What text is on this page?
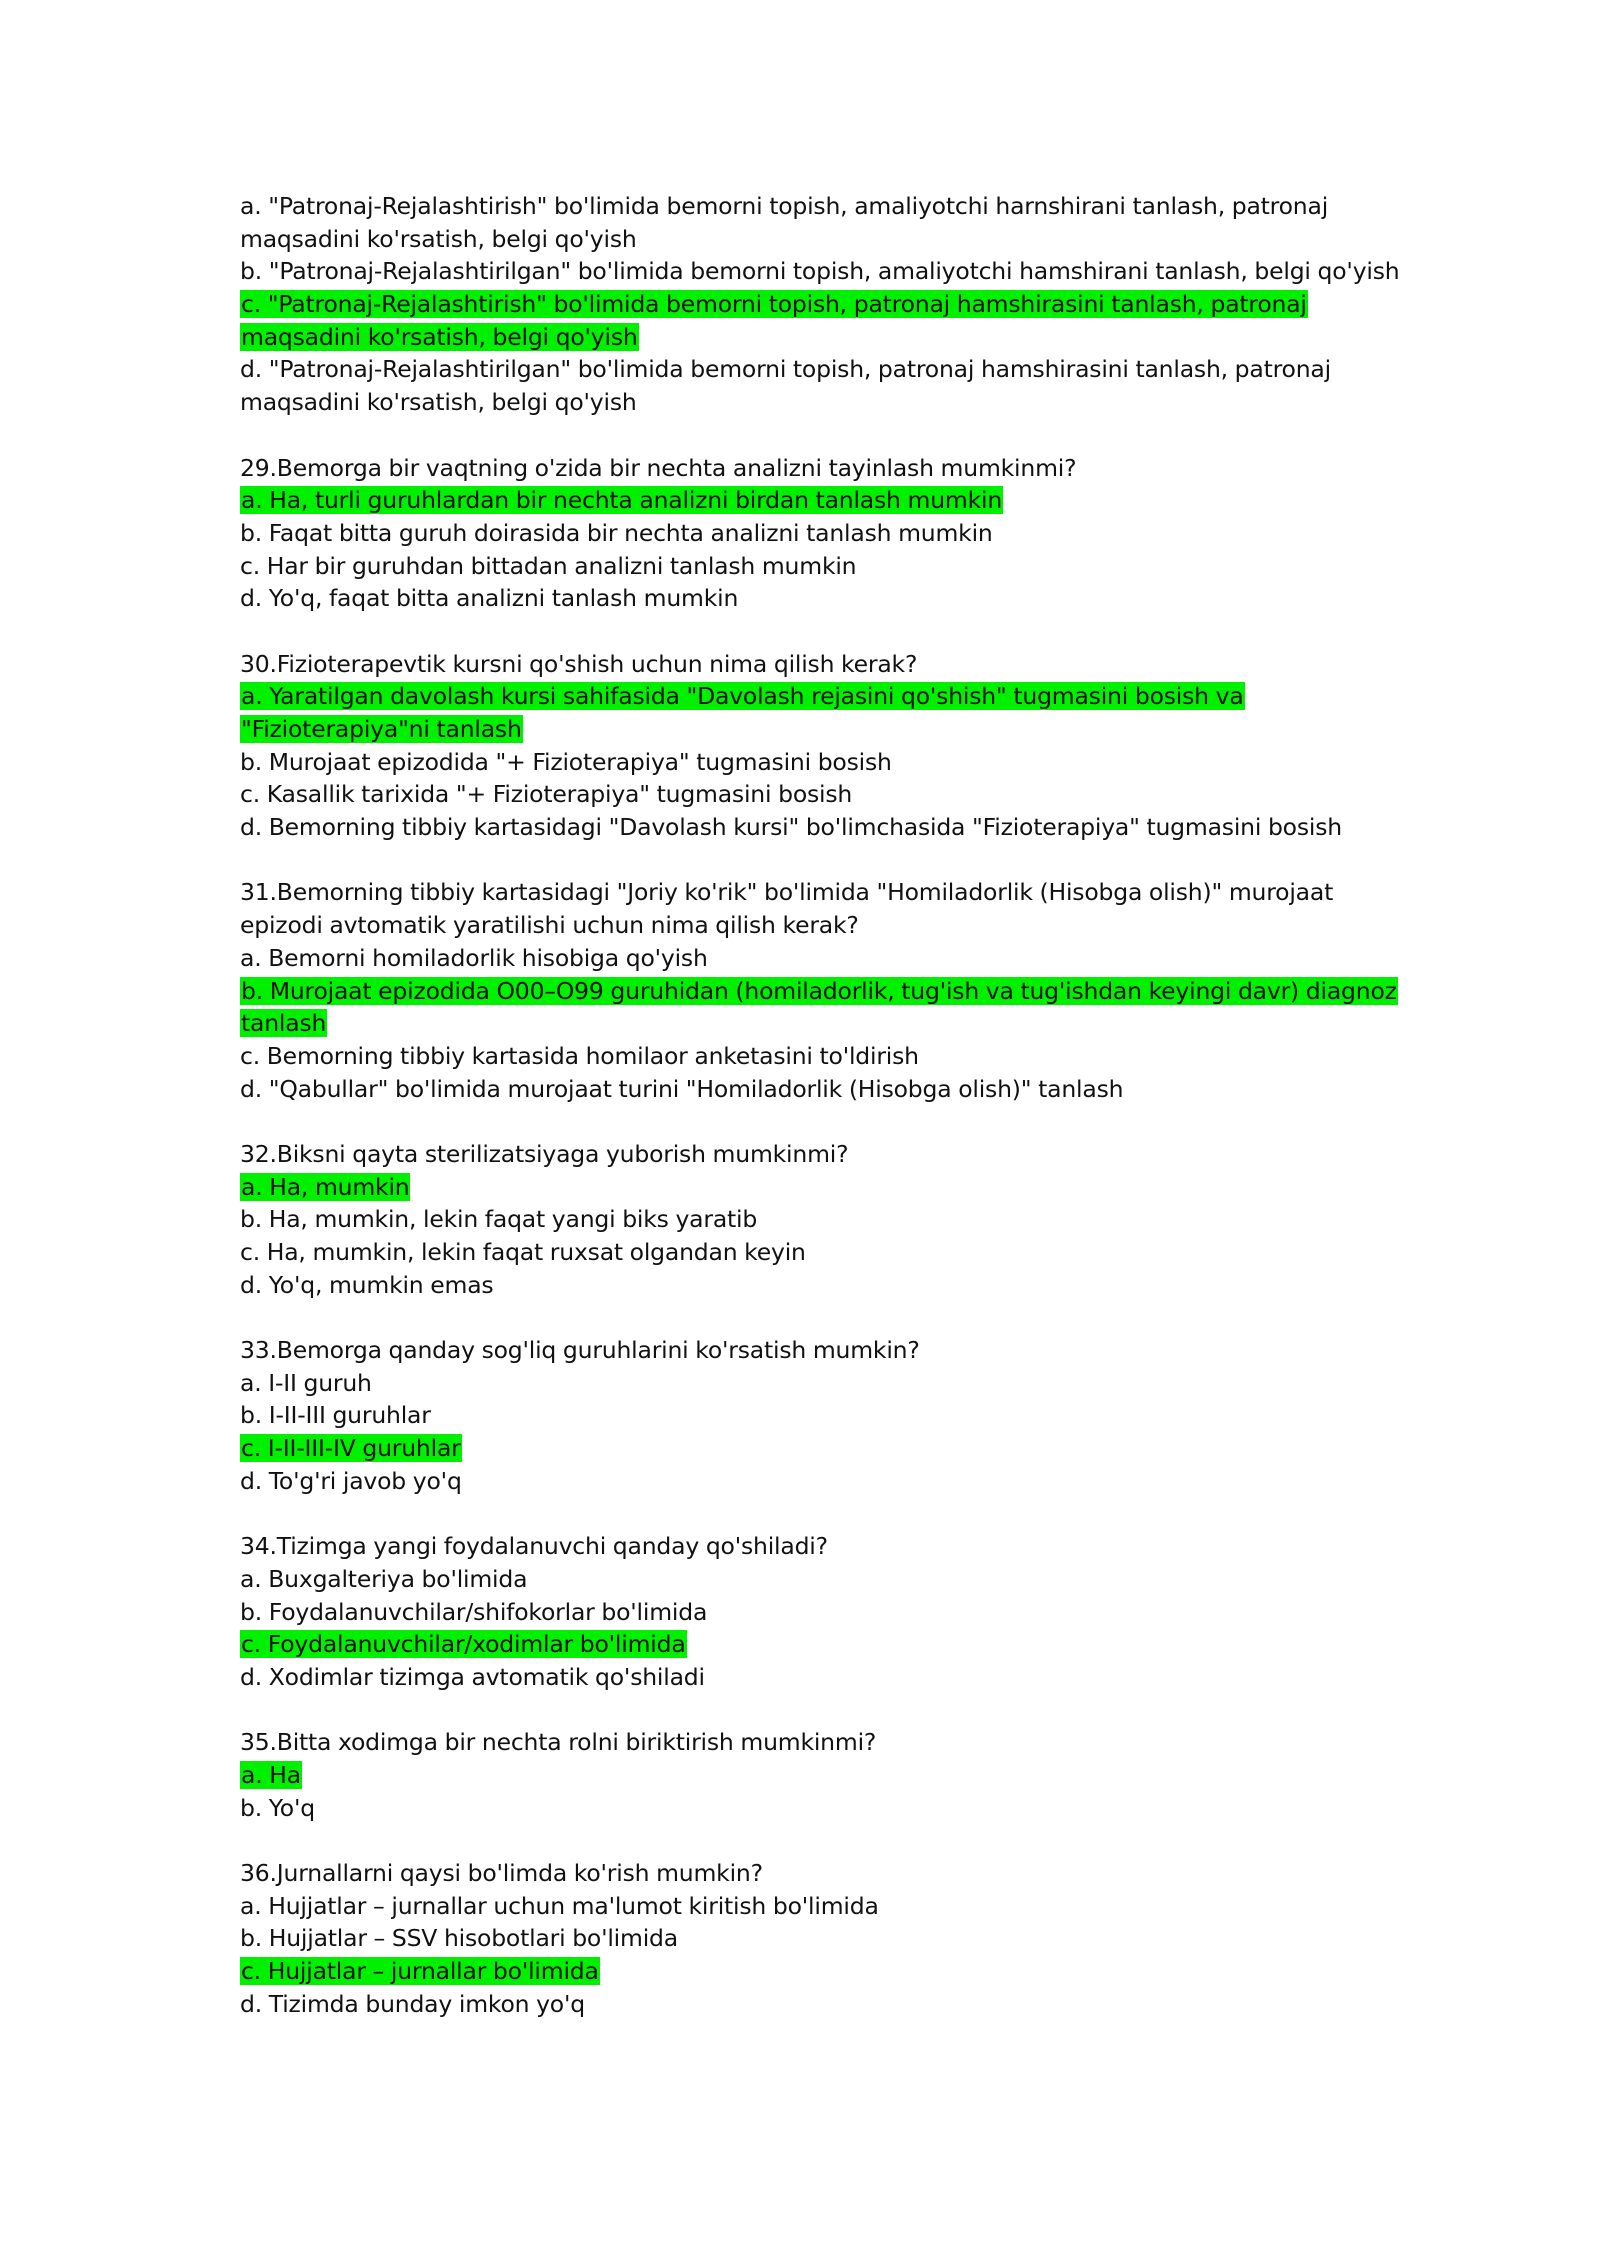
a. "Patronaj-Rejalashtirish" bo'limida bemorni topish, amaliyotchi harnshirani tanlash, patronaj
maqsadini ko'rsatish, belgi qo'yish
b. "Patronaj-Rejalashtirilgan" bo'limida bemorni topish, amaliyotchi hamshirani tanlash, belgi qo'yish
c. "Patronaj-Rejalashtirish" bo'limida bemorni topish, patronaj hamshirasini tanlash, patronaj
maqsadini ko'rsatish, belgi qo'yish
d. "Patronaj-Rejalashtirilgan" bo'limida bemorni topish, patronaj hamshirasini tanlash, patronaj
maqsadini ko'rsatish, belgi qo'yish
29.Bemorga bir vaqtning o'zida bir nechta analizni tayinlash mumkinmi?
a. Ha, turli guruhlardan bir nechta analizni birdan tanlash mumkin
b. Faqat bitta guruh doirasida bir nechta analizni tanlash mumkin
c. Har bir guruhdan bittadan analizni tanlash mumkin
d. Yo'q, faqat bitta analizni tanlash mumkin
30.Fizioterapevtik kursni qo'shish uchun nima qilish kerak?
a. Yaratilgan davolash kursi sahifasida "Davolash rejasini qo'shish" tugmasini bosish va
"Fizioterapiya"ni tanlash
b. Murojaat epizodida "+ Fizioterapiya" tugmasini bosish
c. Kasallik tarixida "+ Fizioterapiya" tugmasini bosish
d. Bemorning tibbiy kartasidagi "Davolash kursi" bo'limchasida "Fizioterapiya" tugmasini bosish
31.Bemorning tibbiy kartasidagi "Joriy ko'rik" bo'limida "Homiladorlik (Hisobga olish)" murojaat
epizodi avtomatik yaratilishi uchun nima qilish kerak?
a. Bemorni homiladorlik hisobiga qo'yish
b. Murojaat epizodida O00–O99 guruhidan (homiladorlik, tug'ish va tug'ishdan keyingi davr) diagnoz
tanlash
c. Bemorning tibbiy kartasida homilaor anketasini to'ldirish
d. "Qabullar" bo'limida murojaat turini "Homiladorlik (Hisobga olish)" tanlash
32.Biksni qayta sterilizatsiyaga yuborish mumkinmi?
a. Ha, mumkin
b. Ha, mumkin, lekin faqat yangi biks yaratib
c. Ha, mumkin, lekin faqat ruxsat olgandan keyin
d. Yo'q, mumkin emas
33.Bemorga qanday sog'liq guruhlarini ko'rsatish mumkin?
a. I-II guruh
b. I-II-III guruhlar
c. I-II-III-IV guruhlar
d. To'g'ri javob yo'q
34.Tizimga yangi foydalanuvchi qanday qo'shiladi?
a. Buxgalteriya bo'limida
b. Foydalanuvchilar/shifokorlar bo'limida
c. Foydalanuvchilar/xodimlar bo'limida
d. Xodimlar tizimga avtomatik qo'shiladi
35.Bitta xodimga bir nechta rolni biriktirish mumkinmi?
a. Ha
b. Yo'q
36.Jurnallarni qaysi bo'limda ko'rish mumkin?
a. Hujjatlar – jurnallar uchun ma'lumot kiritish bo'limida
b. Hujjatlar – SSV hisobotlari bo'limida
c. Hujjatlar – jurnallar bo'limida
d. Tizimda bunday imkon yo'q
